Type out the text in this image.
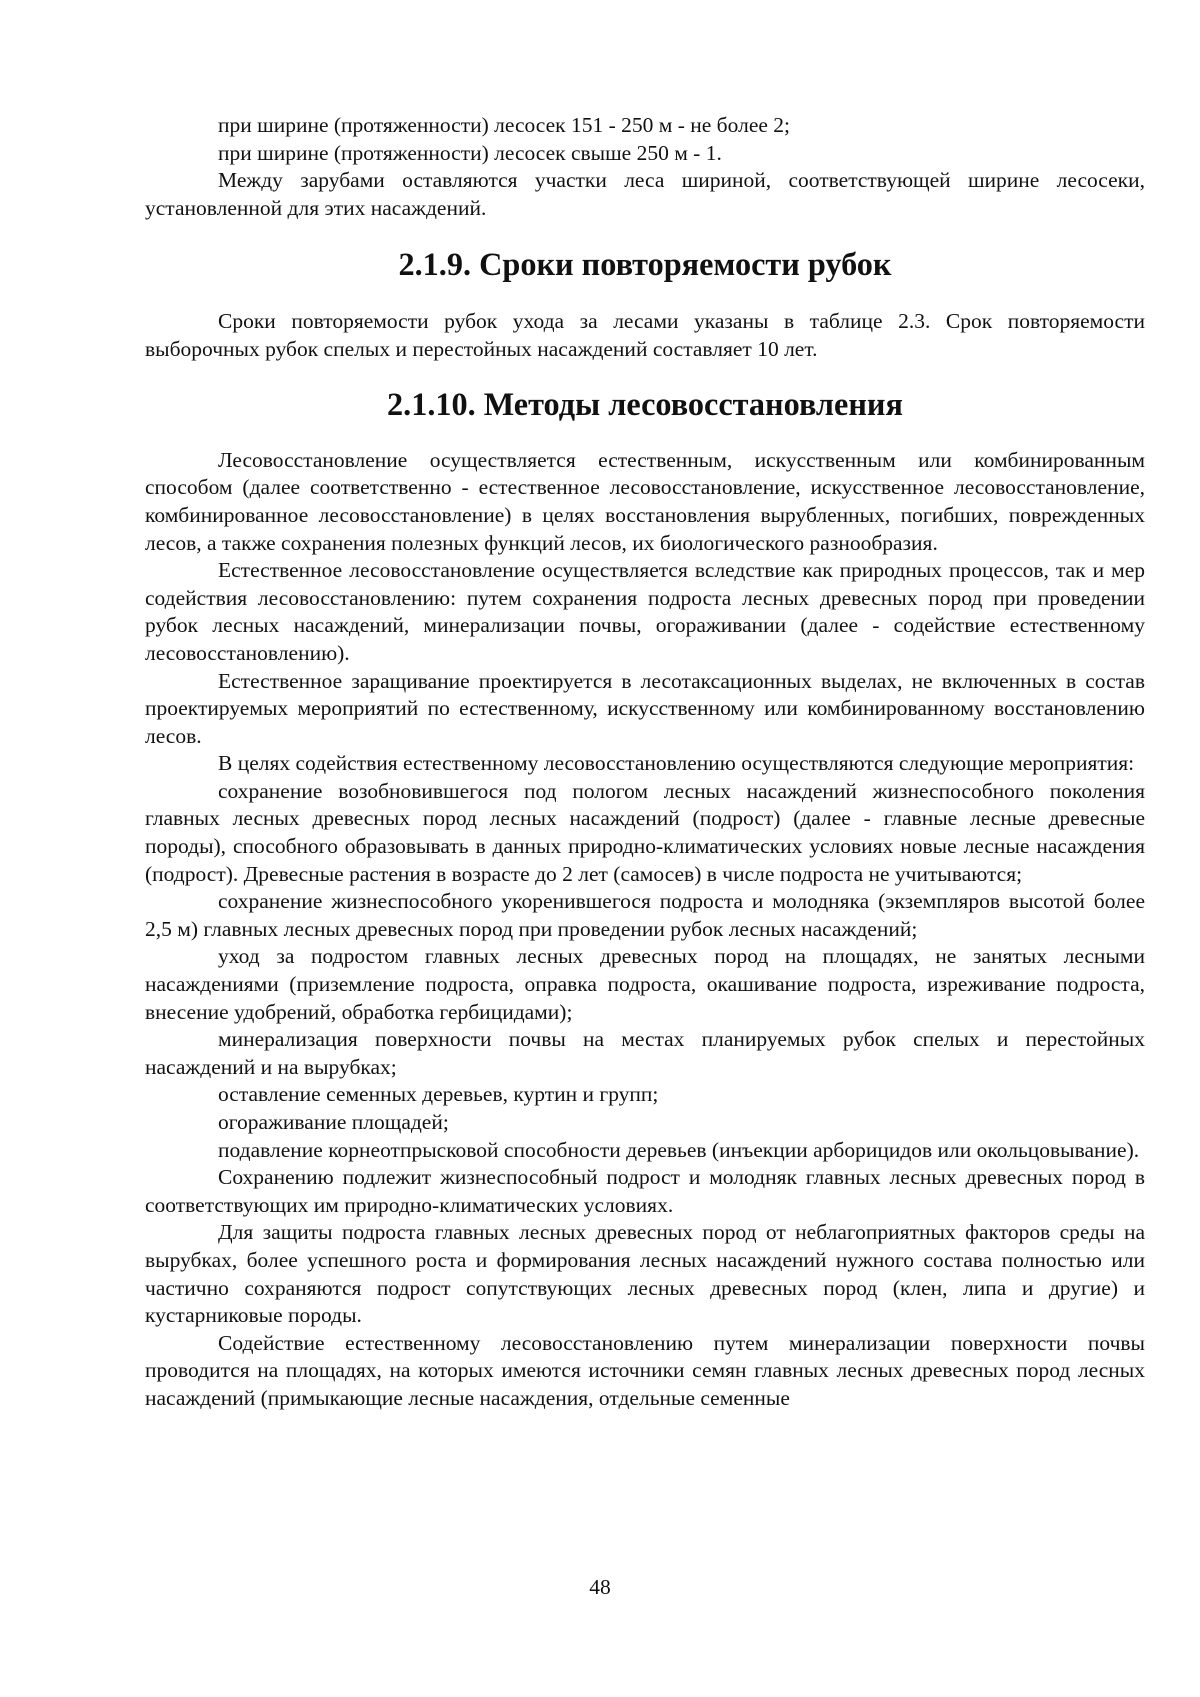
при ширине (протяженности) лесосек 151 - 250 м - не более 2;

при ширине (протяженности) лесосек свыше 250 м - 1.

Между зарубами оставляются участки леса шириной, соответствующей ширине лесосеки, установленной для этих насаждений.

2.1.9. Сроки повторяемости рубок

Сроки повторяемости рубок ухода за лесами указаны в таблице 2.3. Срок повторяемости выборочных рубок спелых и перестойных насаждений составляет 10 лет.

2.1.10. Методы лесовосстановления

Лесовосстановление осуществляется естественным, искусственным или комбинированным способом (далее соответственно - естественное лесовосстановление, искусственное лесовосстановление, комбинированное лесовосстановление) в целях восстановления вырубленных, погибших, поврежденных лесов, а также сохранения полезных функций лесов, их биологического разнообразия.

Естественное лесовосстановление осуществляется вследствие как природных процессов, так и мер содействия лесовосстановлению: путем сохранения подроста лесных древесных пород при проведении рубок лесных насаждений, минерализации почвы, огораживании (далее - содействие естественному лесовосстановлению).

Естественное заращивание проектируется в лесотаксационных выделах, не включенных в состав проектируемых мероприятий по естественному, искусственному или комбинированному восстановлению лесов.

В целях содействия естественному лесовосстановлению осуществляются следующие мероприятия:

сохранение возобновившегося под пологом лесных насаждений жизнеспособного поколения главных лесных древесных пород лесных насаждений (подрост) (далее - главные лесные древесные породы), способного образовывать в данных природно-климатических условиях новые лесные насаждения (подрост). Древесные растения в возрасте до 2 лет (самосев) в числе подроста не учитываются;

сохранение жизнеспособного укоренившегося подроста и молодняка (экземпляров высотой более 2,5 м) главных лесных древесных пород при проведении рубок лесных насаждений;

уход за подростом главных лесных древесных пород на площадях, не занятых лесными насаждениями (приземление подроста, оправка подроста, окашивание подроста, изреживание подроста, внесение удобрений, обработка гербицидами);

минерализация поверхности почвы на местах планируемых рубок спелых и перестойных насаждений и на вырубках;

оставление семенных деревьев, куртин и групп;

огораживание площадей;

подавление корнеотпрысковой способности деревьев (инъекции арборицидов или окольцовывание).

Сохранению подлежит жизнеспособный подрост и молодняк главных лесных древесных пород в соответствующих им природно-климатических условиях.

Для защиты подроста главных лесных древесных пород от неблагоприятных факторов среды на вырубках, более успешного роста и формирования лесных насаждений нужного состава полностью или частично сохраняются подрост сопутствующих лесных древесных пород (клен, липа и другие) и кустарниковые породы.

Содействие естественному лесовосстановлению путем минерализации поверхности почвы проводится на площадях, на которых имеются источники семян главных лесных древесных пород лесных насаждений (примыкающие лесные насаждения, отдельные семенные

48
